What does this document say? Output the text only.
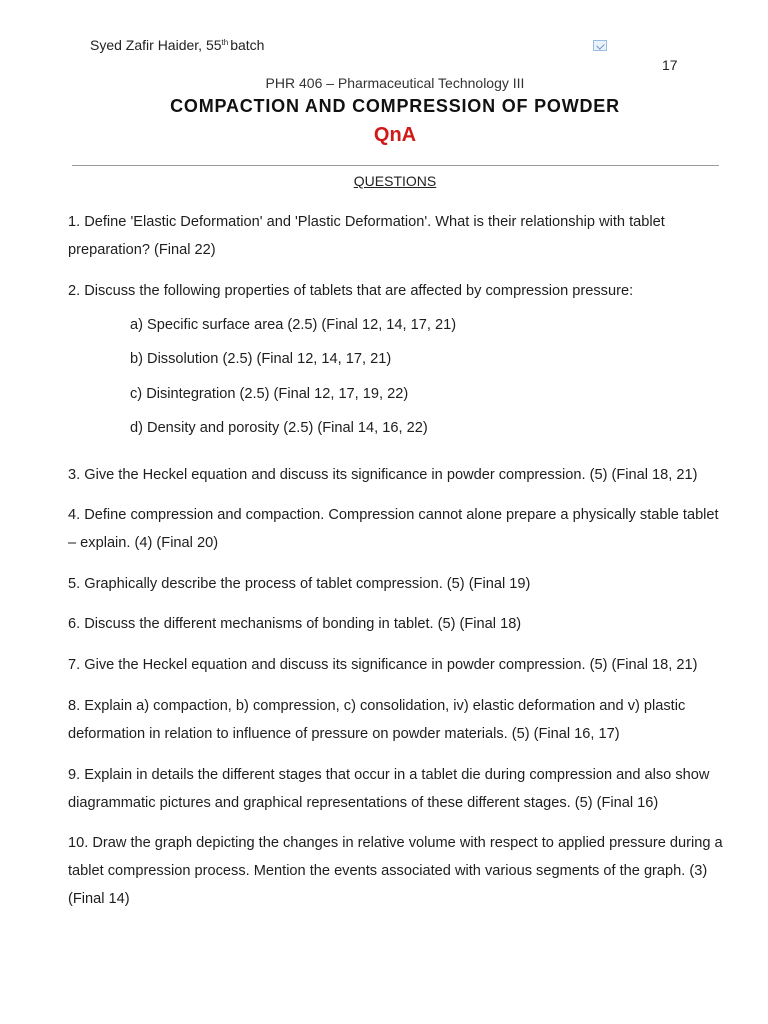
Syed Zafir Haider, 55th batch
17
PHR 406 – Pharmaceutical Technology III
COMPACTION AND COMPRESSION OF POWDER
QnA
QUESTIONS
1. Define 'Elastic Deformation' and 'Plastic Deformation'. What is their relationship with tablet preparation? (Final 22)
2. Discuss the following properties of tablets that are affected by compression pressure:
a) Specific surface area (2.5) (Final 12, 14, 17, 21)
b) Dissolution (2.5) (Final 12, 14, 17, 21)
c) Disintegration (2.5) (Final 12, 17, 19, 22)
d) Density and porosity (2.5) (Final 14, 16, 22)
3. Give the Heckel equation and discuss its significance in powder compression. (5) (Final 18, 21)
4. Define compression and compaction. Compression cannot alone prepare a physically stable tablet – explain. (4) (Final 20)
5. Graphically describe the process of tablet compression. (5) (Final 19)
6. Discuss the different mechanisms of bonding in tablet. (5) (Final 18)
7. Give the Heckel equation and discuss its significance in powder compression. (5) (Final 18, 21)
8. Explain a) compaction, b) compression, c) consolidation, iv) elastic deformation and v) plastic deformation in relation to influence of pressure on powder materials. (5) (Final 16, 17)
9. Explain in details the different stages that occur in a tablet die during compression and also show diagrammatic pictures and graphical representations of these different stages. (5) (Final 16)
10. Draw the graph depicting the changes in relative volume with respect to applied pressure during a tablet compression process. Mention the events associated with various segments of the graph. (3) (Final 14)
